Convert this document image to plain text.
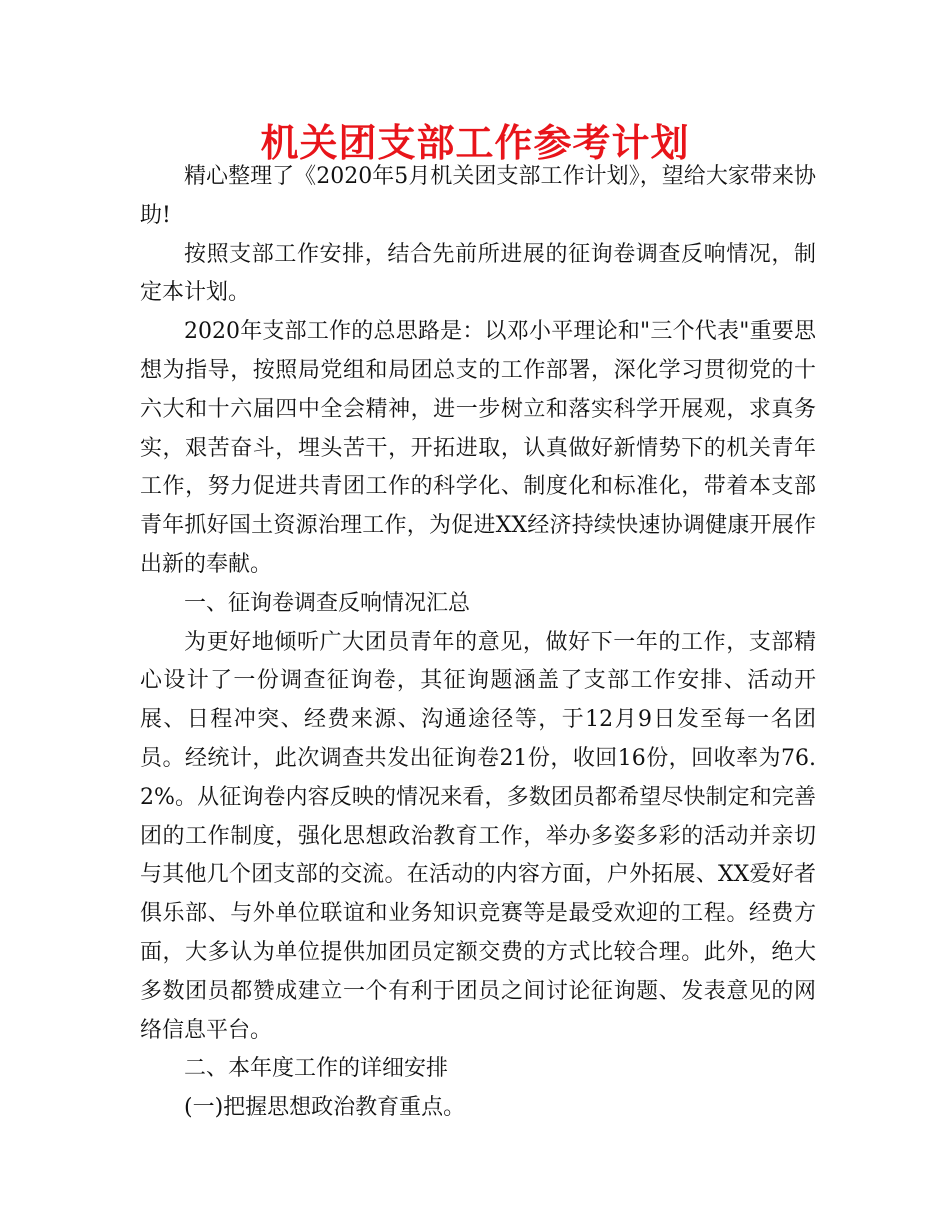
机关团支部工作参考计划

精心整理了《2020年5月机关团支部工作计划》，望给大家带来协助!

按照支部工作安排，结合先前所进展的征询卷调查反响情况，制定本计划。

2020年支部工作的总思路是：以邓小平理论和"三个代表"重要思想为指导，按照局党组和局团总支的工作部署，深化学习贯彻党的十六大和十六届四中全会精神，进一步树立和落实科学开展观，求真务实，艰苦奋斗，埋头苦干，开拓进取，认真做好新情势下的机关青年工作，努力促进共青团工作的科学化、制度化和标准化，带着本支部青年抓好国土资源治理工作，为促进XX经济持续快速协调健康开展作出新的奉献。

一、征询卷调查反响情况汇总

为更好地倾听广大团员青年的意见，做好下一年的工作，支部精心设计了一份调查征询卷，其征询题涵盖了支部工作安排、活动开展、日程冲突、经费来源、沟通途径等，于12月9日发至每一名团员。经统计，此次调查共发出征询卷21份，收回16份，回收率为76.2%。从征询卷内容反映的情况来看，多数团员都希望尽快制定和完善团的工作制度，强化思想政治教育工作，举办多姿多彩的活动并亲切与其他几个团支部的交流。在活动的内容方面，户外拓展、XX爱好者俱乐部、与外单位联谊和业务知识竞赛等是最受欢迎的工程。经费方面，大多认为单位提供加团员定额交费的方式比较合理。此外，绝大多数团员都赞成建立一个有利于团员之间讨论征询题、发表意见的网络信息平台。

二、本年度工作的详细安排

(一)把握思想政治教育重点。
